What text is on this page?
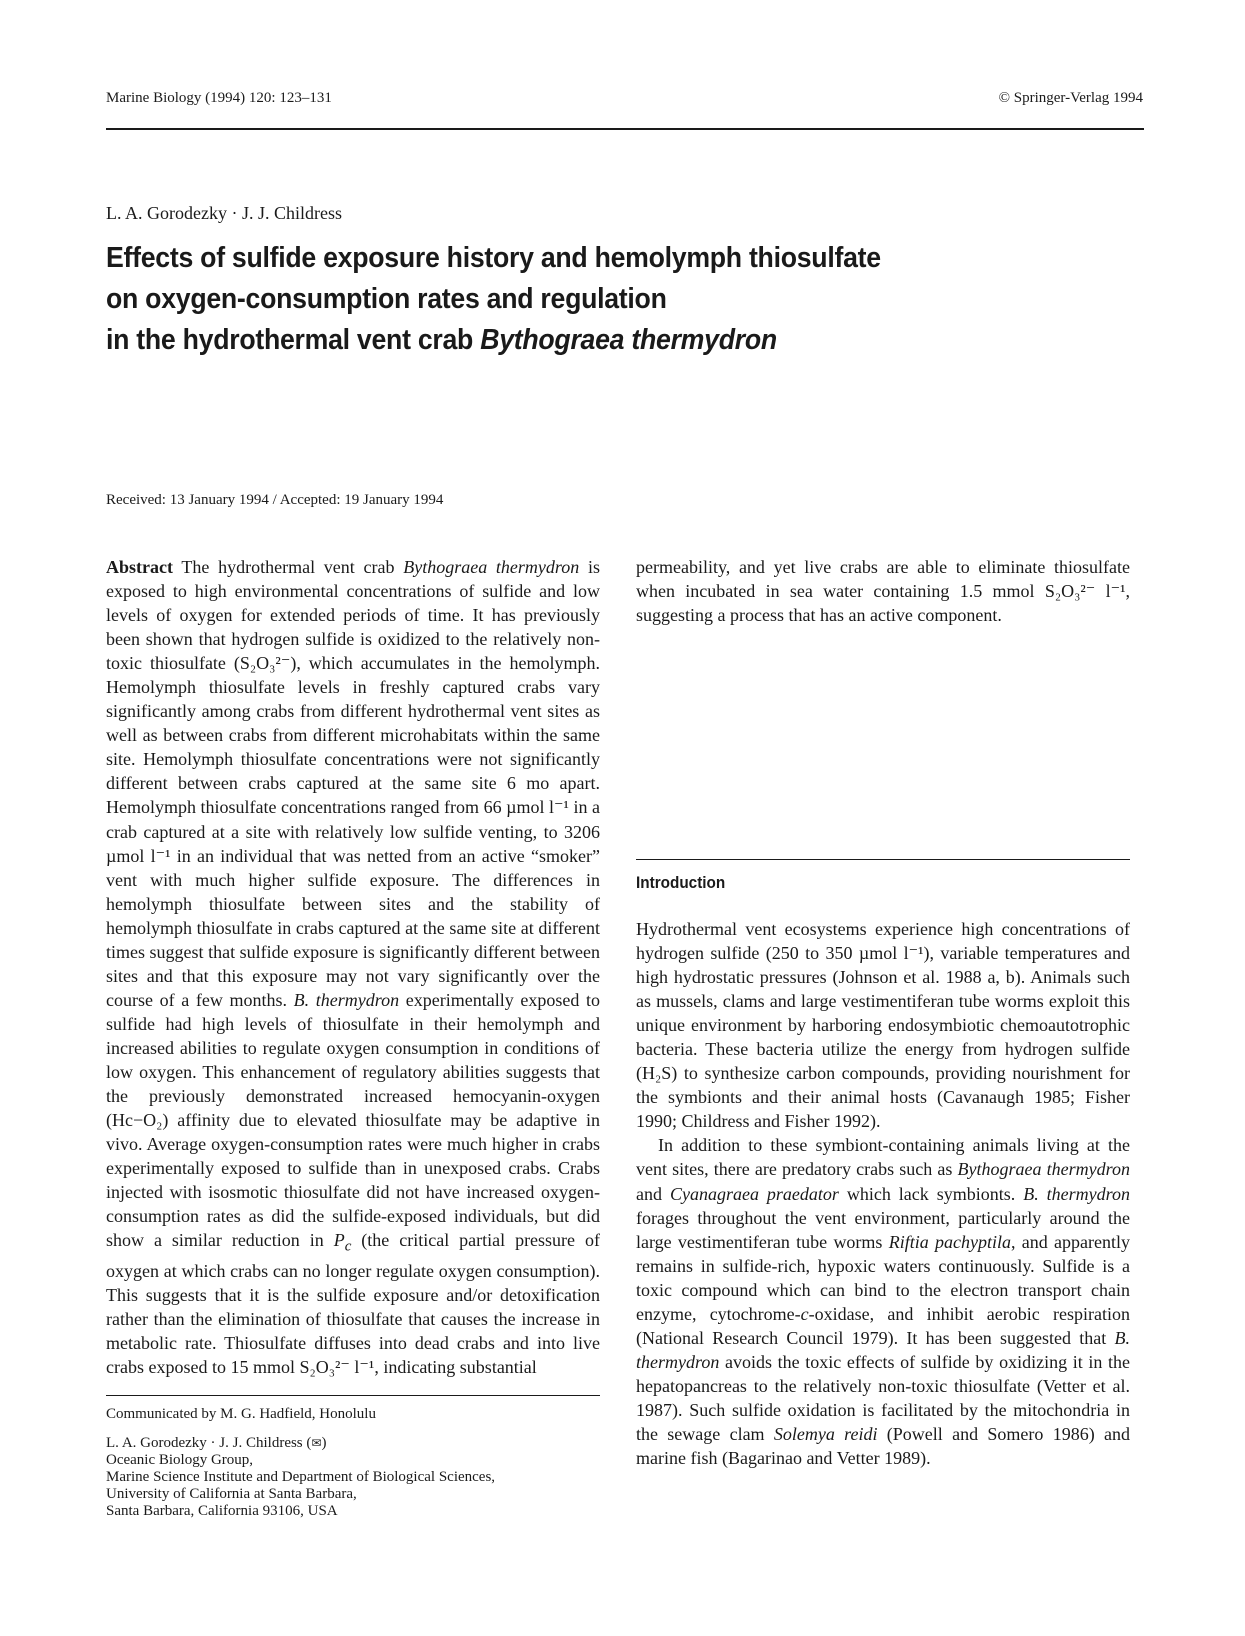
Marine Biology (1994) 120: 123–131	© Springer-Verlag 1994
L. A. Gorodezky · J. J. Childress
Effects of sulfide exposure history and hemolymph thiosulfate
on oxygen-consumption rates and regulation
in the hydrothermal vent crab Bythograea thermydron
Received: 13 January 1994 / Accepted: 19 January 1994

Abstract The hydrothermal vent crab Bythograea thermydron is exposed to high environmental concentrations of sulfide and low levels of oxygen for extended periods of time. It has previously been shown that hydrogen sulfide is oxidized to the relatively non-toxic thiosulfate (S₂O₃²⁻), which accumulates in the hemolymph. Hemolymph thiosulfate levels in freshly captured crabs vary significantly among crabs from different hydrothermal vent sites as well as between crabs from different microhabitats within the same site. Hemolymph thiosulfate concentrations were not significantly different between crabs captured at the same site 6 mo apart. Hemolymph thiosulfate concentrations ranged from 66 µmol l⁻¹ in a crab captured at a site with relatively low sulfide venting, to 3206 µmol l⁻¹ in an individual that was netted from an active “smoker” vent with much higher sulfide exposure. The differences in hemolymph thiosulfate between sites and the stability of hemolymph thiosulfate in crabs captured at the same site at different times suggest that sulfide exposure is significantly different between sites and that this exposure may not vary significantly over the course of a few months. B. thermydron experimentally exposed to sulfide had high levels of thiosulfate in their hemolymph and increased abilities to regulate oxygen consumption in conditions of low oxygen. This enhancement of regulatory abilities suggests that the previously demonstrated increased hemocyanin-oxygen (Hc−O₂) affinity due to elevated thiosulfate may be adaptive in vivo. Average oxygen-consumption rates were much higher in crabs experimentally exposed to sulfide than in unexposed crabs. Crabs injected with isosmotic thiosulfate did not have increased oxygen-consumption rates as did the sulfide-exposed individuals, but did show a similar reduction in $P_c$ (the critical partial pressure of oxygen at which crabs can no longer regulate oxygen consumption). This suggests that it is the sulfide exposure and/or detoxification rather than the elimination of thiosulfate that causes the increase in metabolic rate. Thiosulfate diffuses into dead crabs and into live crabs exposed to 15 mmol S₂O₃²⁻ l⁻¹, indicating substantial

Introduction

Hydrothermal vent ecosystems experience high concentrations of hydrogen sulfide (250 to 350 µmol l⁻¹), variable temperatures and high hydrostatic pressures (Johnson et al. 1988 a, b). Animals such as mussels, clams and large vestimentiferan tube worms exploit this unique environment by harboring endosymbiotic chemoautotrophic bacteria. These bacteria utilize the energy from hydrogen sulfide (H₂S) to synthesize carbon compounds, providing nourishment for the symbionts and their animal hosts (Cavanaugh 1985; Fisher 1990; Childress and Fisher 1992).

In addition to these symbiont-containing animals living at the vent sites, there are predatory crabs such as Bythograea thermydron and Cyanagraea praedator which lack symbionts. B. thermydron forages throughout the vent environment, particularly around the large vestimentiferan tube worms Riftia pachyptila, and apparently remains in sulfide-rich, hypoxic waters continuously. Sulfide is a toxic compound which can bind to the electron transport chain enzyme, cytochrome-c-oxidase, and inhibit aerobic respiration (National Research Council 1979). It has been suggested that B. thermydron avoids the toxic effects of sulfide by oxidizing it in the hepatopancreas to the relatively non-toxic thiosulfate (Vetter et al. 1987). Such sulfide oxidation is facilitated by the mitochondria in the sewage clam Solemya reidi (Powell and Somero 1986) and marine fish (Bagarinao and Vetter 1989).

Communicated by M. G. Hadfield, Honolulu

L. A. Gorodezky · J. J. Childress (✉)

Oceanic Biology Group,

Marine Science Institute and Department of Biological Sciences,

University of California at Santa Barbara,

Santa Barbara, California 93106, USA

permeability, and yet live crabs are able to eliminate thiosulfate when incubated in sea water containing 1.5 mmol S₂O₃²⁻ l⁻¹, suggesting a process that has an active component.
